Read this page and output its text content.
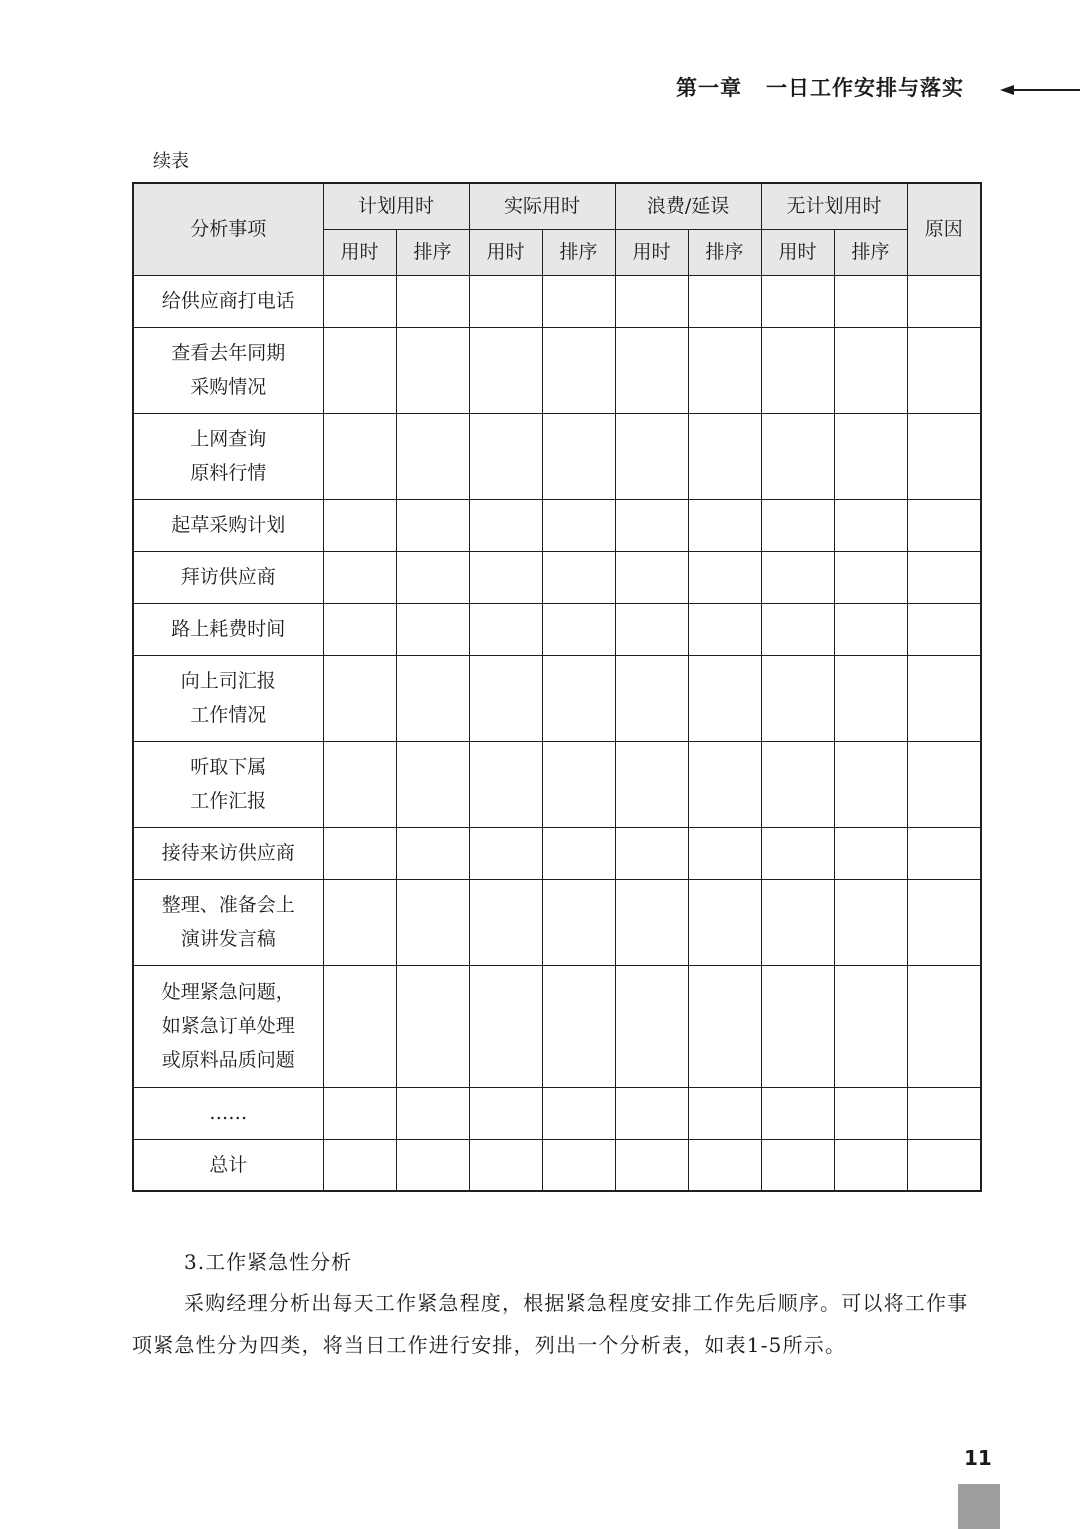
第一章 一日工作安排与落实
续表
分析事项	计划用时		实际用时		浪费/延误		无计划用时		原因
	用时	排序	用时	排序	用时	排序	用时	排序	

给供应商打电话									

查看去年同期
采购情况									

上网查询
原料行情									

起草采购计划									

拜访供应商									

路上耗费时间									

向上司汇报
工作情况									

听取下属
工作汇报									

接待来访供应商									

整理、准备会上
演讲发言稿									

处理紧急问题，
如紧急订单处理
或原料品质问题									

……									

总计									

3.工作紧急性分析
采购经理分析出每天工作紧急程度，根据紧急程度安排工作先后顺序。可以将工作事项紧急性分为四类，将当日工作进行安排，列出一个分析表，如表1-5所示。
11
